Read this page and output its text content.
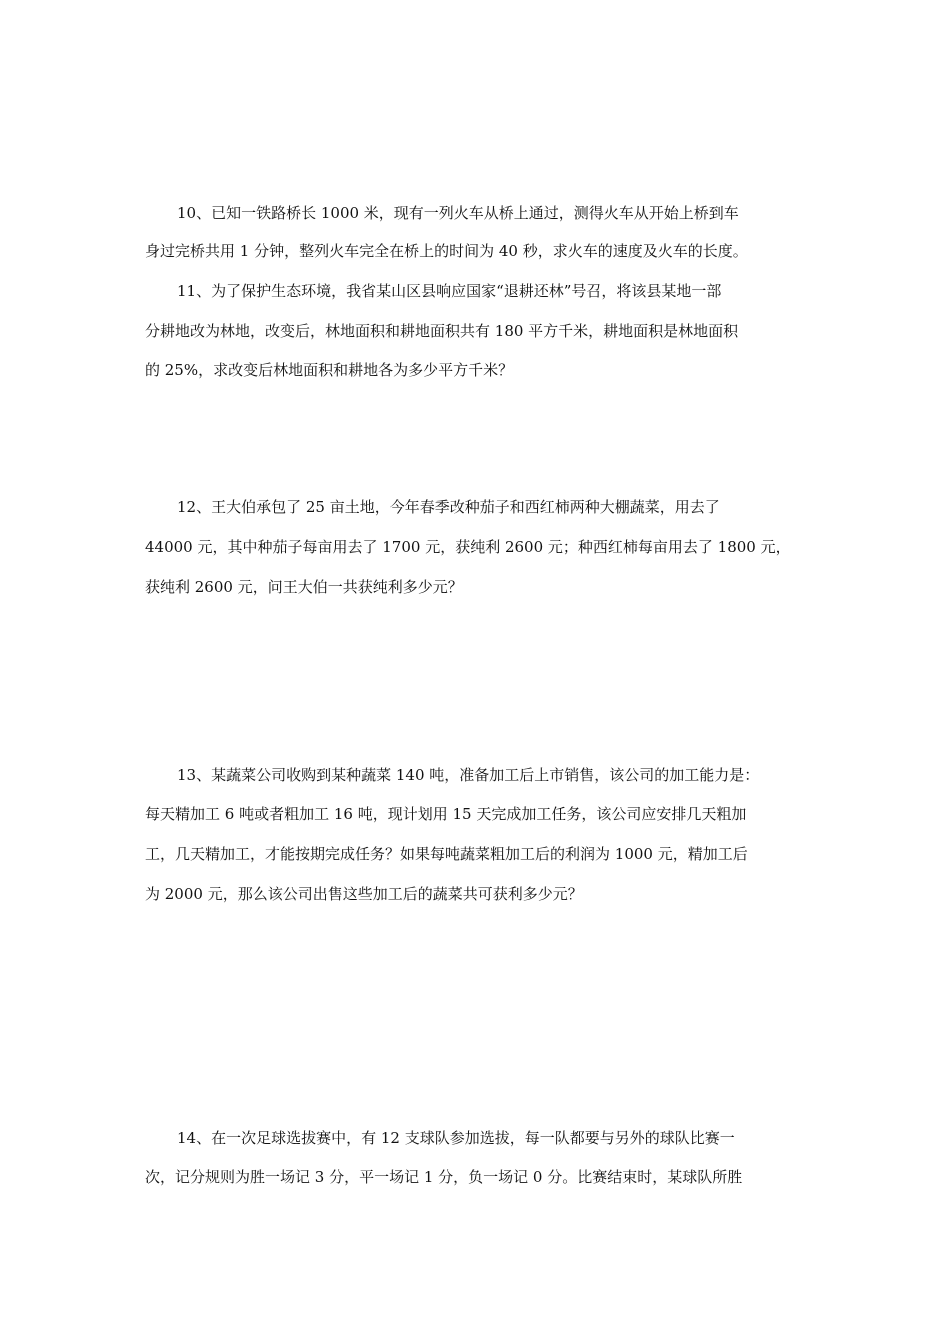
10、已知一铁路桥长 1000 米，现有一列火车从桥上通过，测得火车从开始上桥到车
身过完桥共用 1 分钟，整列火车完全在桥上的时间为 40 秒，求火车的速度及火车的长度。
11、为了保护生态环境，我省某山区县响应国家“退耕还林”号召，将该县某地一部
分耕地改为林地，改变后，林地面积和耕地面积共有 180 平方千米，耕地面积是林地面积
的 25%，求改变后林地面积和耕地各为多少平方千米？
12、王大伯承包了 25 亩土地，今年春季改种茄子和西红柿两种大棚蔬菜，用去了
44000 元，其中种茄子每亩用去了 1700 元，获纯利 2600 元；种西红柿每亩用去了 1800 元，
获纯利 2600 元，问王大伯一共获纯利多少元？
13、某蔬菜公司收购到某种蔬菜 140 吨，准备加工后上市销售，该公司的加工能力是：
每天精加工 6 吨或者粗加工 16 吨，现计划用 15 天完成加工任务，该公司应安排几天粗加
工，几天精加工，才能按期完成任务？如果每吨蔬菜粗加工后的利润为 1000 元，精加工后
为 2000 元，那么该公司出售这些加工后的蔬菜共可获利多少元？
14、在一次足球选拔赛中，有 12 支球队参加选拔，每一队都要与另外的球队比赛一
次，记分规则为胜一场记 3 分，平一场记 1 分，负一场记 0 分。比赛结束时，某球队所胜
